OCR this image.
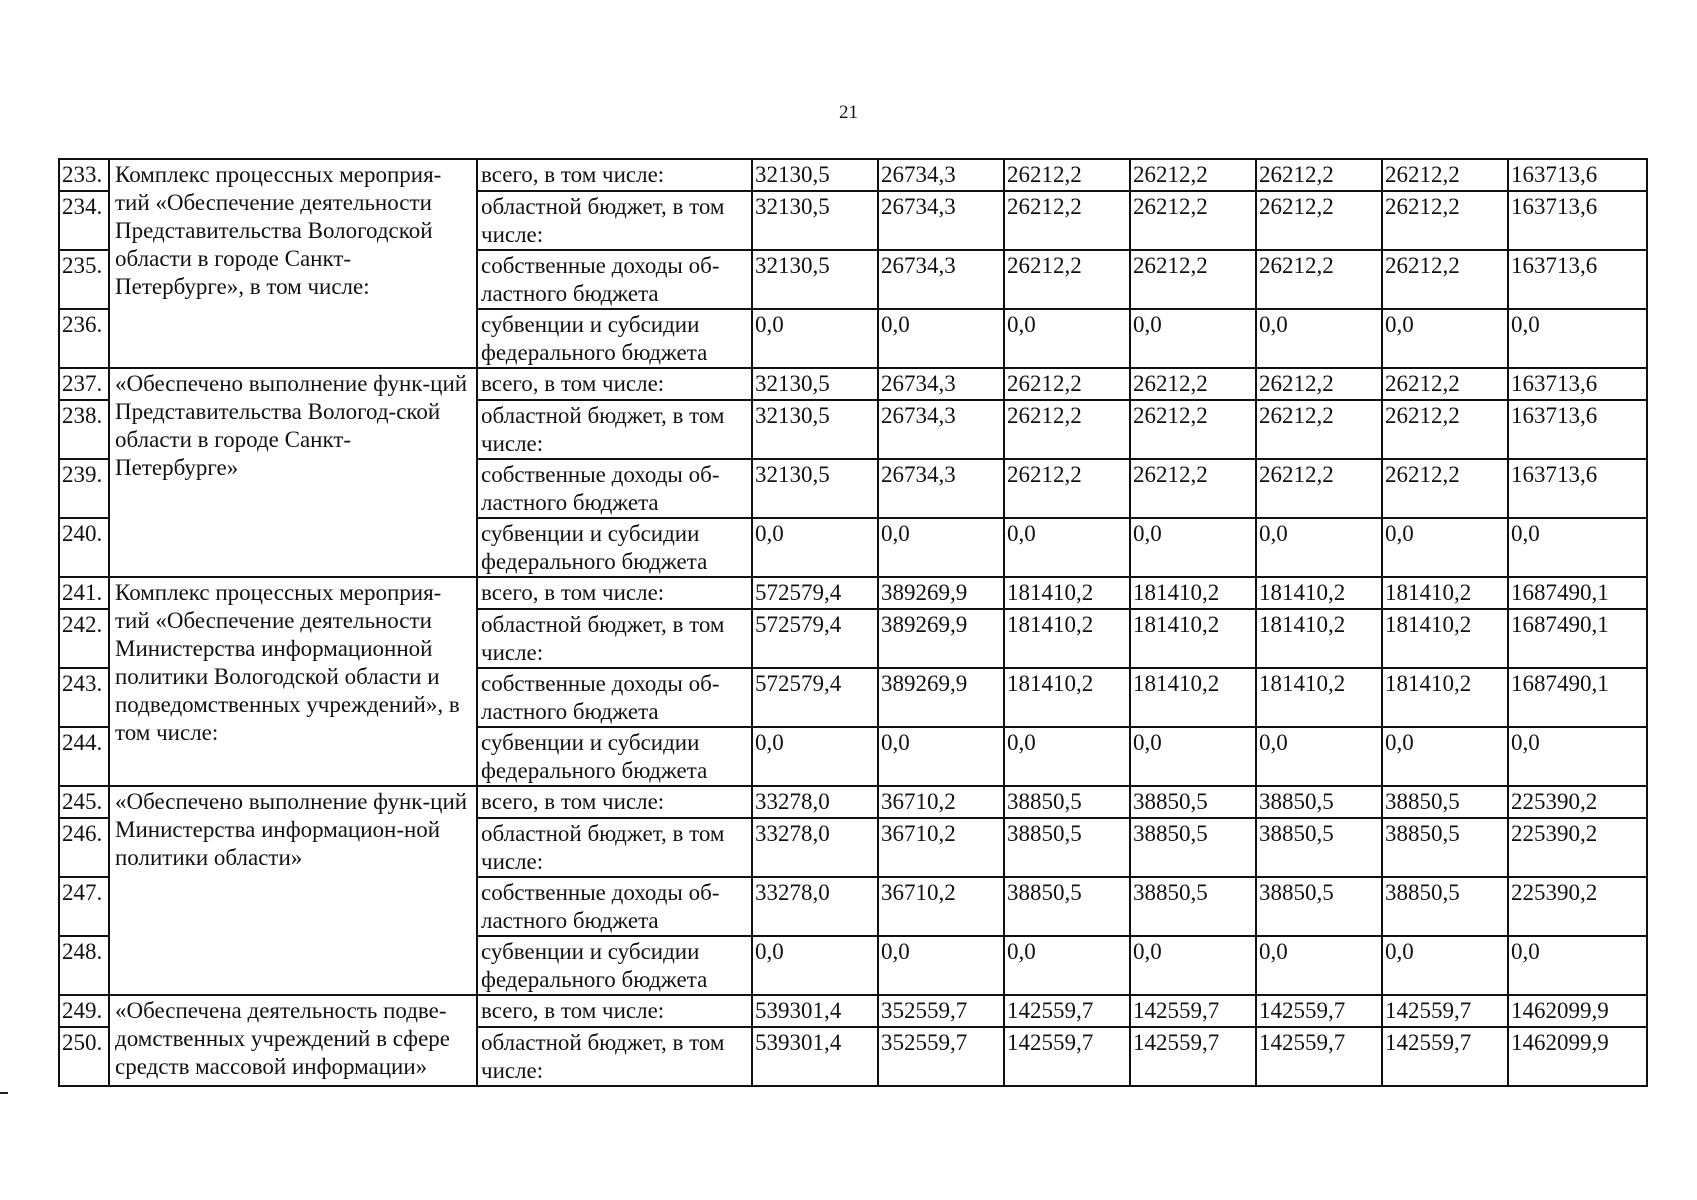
21
233.	Комплекс процессных мероприя-тий «Обеспечение деятельности Представительства Вологодской области в городе Санкт-Петербурге», в том числе:	всего, в том числе:	32130,5	26734,3	26212,2	26212,2	26212,2	26212,2	163713,6
234.		областной бюджет, в том числе:	32130,5	26734,3	26212,2	26212,2	26212,2	26212,2	163713,6
235.		собственные доходы об-ластного бюджета	32130,5	26734,3	26212,2	26212,2	26212,2	26212,2	163713,6
236.		субвенции и субсидии федерального бюджета	0,0	0,0	0,0	0,0	0,0	0,0	0,0
237.	«Обеспечено выполнение функ-ций Представительства Вологод-ской области в городе Санкт-Петербурге»	всего, в том числе:	32130,5	26734,3	26212,2	26212,2	26212,2	26212,2	163713,6
238.		областной бюджет, в том числе:	32130,5	26734,3	26212,2	26212,2	26212,2	26212,2	163713,6
239.		собственные доходы об-ластного бюджета	32130,5	26734,3	26212,2	26212,2	26212,2	26212,2	163713,6
240.		субвенции и субсидии федерального бюджета	0,0	0,0	0,0	0,0	0,0	0,0	0,0
241.	Комплекс процессных мероприя-тий «Обеспечение деятельности Министерства информационной политики Вологодской области и подведомственных учреждений», в том числе:	всего, в том числе:	572579,4	389269,9	181410,2	181410,2	181410,2	181410,2	1687490,1
242.		областной бюджет, в том числе:	572579,4	389269,9	181410,2	181410,2	181410,2	181410,2	1687490,1
243.		собственные доходы об-ластного бюджета	572579,4	389269,9	181410,2	181410,2	181410,2	181410,2	1687490,1
244.		субвенции и субсидии федерального бюджета	0,0	0,0	0,0	0,0	0,0	0,0	0,0
245.	«Обеспечено выполнение функ-ций Министерства информацион-ной политики области»	всего, в том числе:	33278,0	36710,2	38850,5	38850,5	38850,5	38850,5	225390,2
246.		областной бюджет, в том числе:	33278,0	36710,2	38850,5	38850,5	38850,5	38850,5	225390,2
247.		собственные доходы об-ластного бюджета	33278,0	36710,2	38850,5	38850,5	38850,5	38850,5	225390,2
248.		субвенции и субсидии федерального бюджета	0,0	0,0	0,0	0,0	0,0	0,0	0,0
249.	«Обеспечена деятельность подве-домственных учреждений в сфере средств массовой информации»	всего, в том числе:	539301,4	352559,7	142559,7	142559,7	142559,7	142559,7	1462099,9
250.		областной бюджет, в том числе:	539301,4	352559,7	142559,7	142559,7	142559,7	142559,7	1462099,9
